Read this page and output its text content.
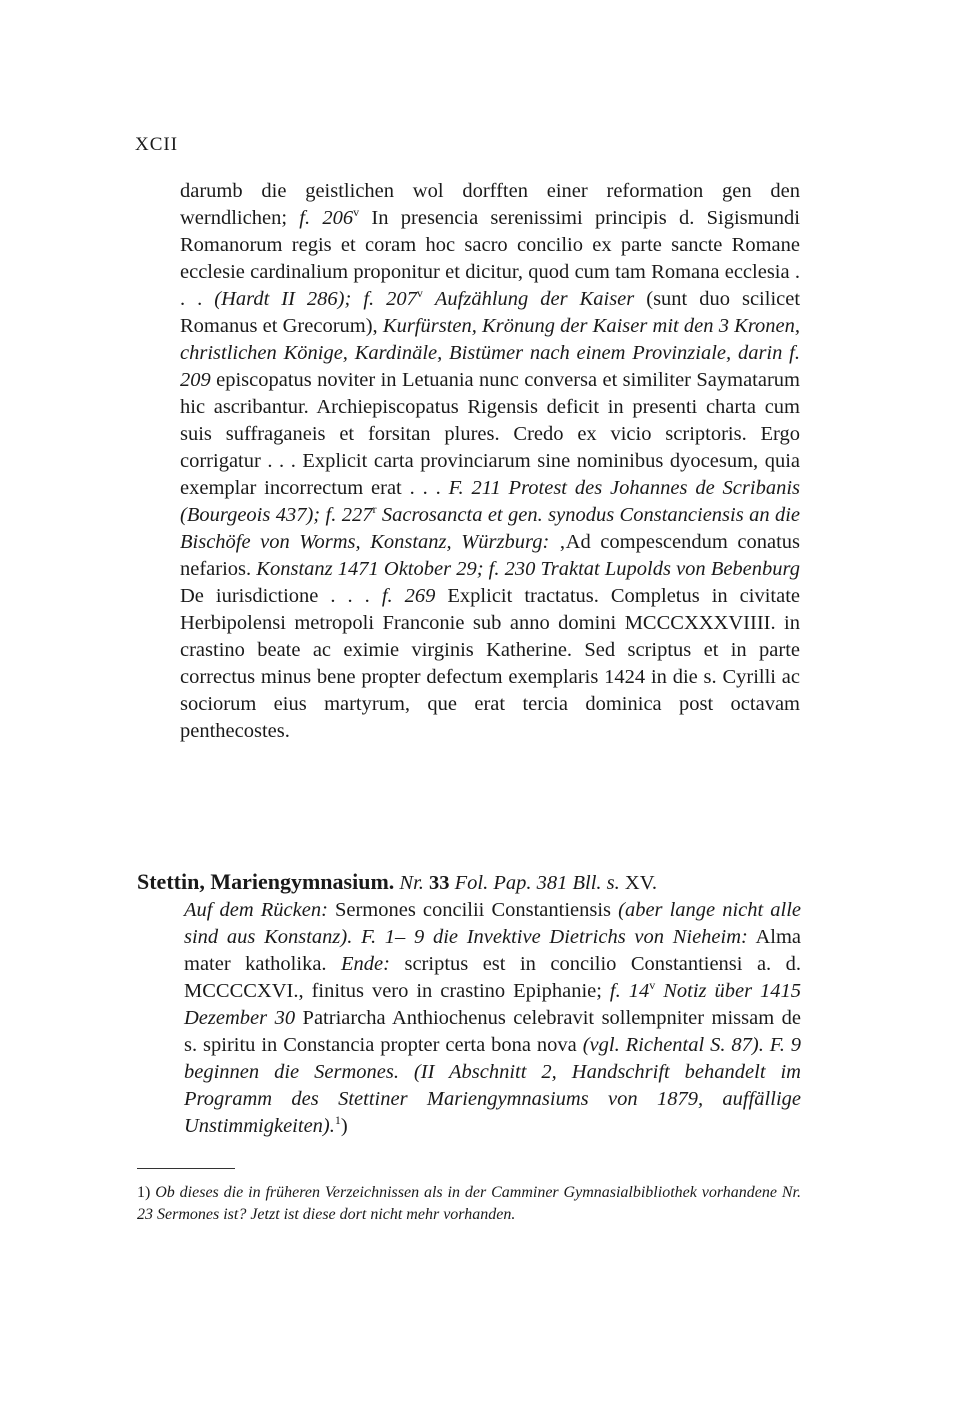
XCII
darumb die geistlichen wol dorfften einer reformation gen den werndlichen; f. 206$^v$ In presencia serenissimi principis d. Sigismundi Romanorum regis et coram hoc sacro concilio ex parte sancte Romane ecclesie cardinalium proponitur et dicitur, quod cum tam Romana ecclesia . . . (Hardt II 286); f. 207$^v$ Aufzählung der Kaiser (sunt duo scilicet Romanus et Grecorum), Kurfürsten, Krönung der Kaiser mit den 3 Kronen, christlichen Könige, Kardinäle, Bistümer nach einem Provinziale, darin f. 209 episcopatus noviter in Letuania nunc conversa et similiter Saymatarum hic ascribantur. Archiepiscopatus Rigensis deficit in presenti charta cum suis suffraganeis et forsitan plures. Credo ex vicio scriptoris. Ergo corrigatur . . . Explicit carta provinciarum sine nominibus dyocesum, quia exemplar incorrectum erat . . . F. 211 Protest des Johannes de Scribanis (Bourgeois 437); f. 227$^r$ Sacrosancta et gen. synodus Constanciensis an die Bischöfe von Worms, Konstanz, Würzburg: ‚Ad compescendum conatus nefarios. Konstanz 1471 Oktober 29; f. 230 Traktat Lupolds von Bebenburg De iurisdictione . . . f. 269 Explicit tractatus. Completus in civitate Herbipolensi metropoli Franconie sub anno domini MCCCXXXVIIII. in crastino beate ac eximie virginis Katherine. Sed scriptus et in parte correctus minus bene propter defectum exemplaris 1424 in die s. Cyrilli ac sociorum eius martyrum, que erat tercia dominica post octavam penthecostes.
Stettin, Mariengymnasium. Nr. 33 Fol. Pap. 381 Bll. s. XV.
Auf dem Rücken: Sermones concilii Constantiensis (aber lange nicht alle sind aus Konstanz). F. 1– 9 die Invektive Dietrichs von Nieheim: Alma mater katholika. Ende: scriptus est in concilio Constantiensi a. d. MCCCCXVI., finitus vero in crastino Epiphanie; f. 14$^v$ Notiz über 1415 Dezember 30 Patriarcha Anthiochenus celebravit sollempniter missam de s. spiritu in Constancia propter certa bona nova (vgl. Richental S. 87). F. 9 beginnen die Sermones. (II Abschnitt 2, Handschrift behandelt im Programm des Stettiner Mariengymnasiums von 1879, auffällige Unstimmigkeiten).$^1$)
1) Ob dieses die in früheren Verzeichnissen als in der Camminer Gymnasialbibliothek vorhandene Nr. 23 Sermones ist? Jetzt ist diese dort nicht mehr vorhanden.
